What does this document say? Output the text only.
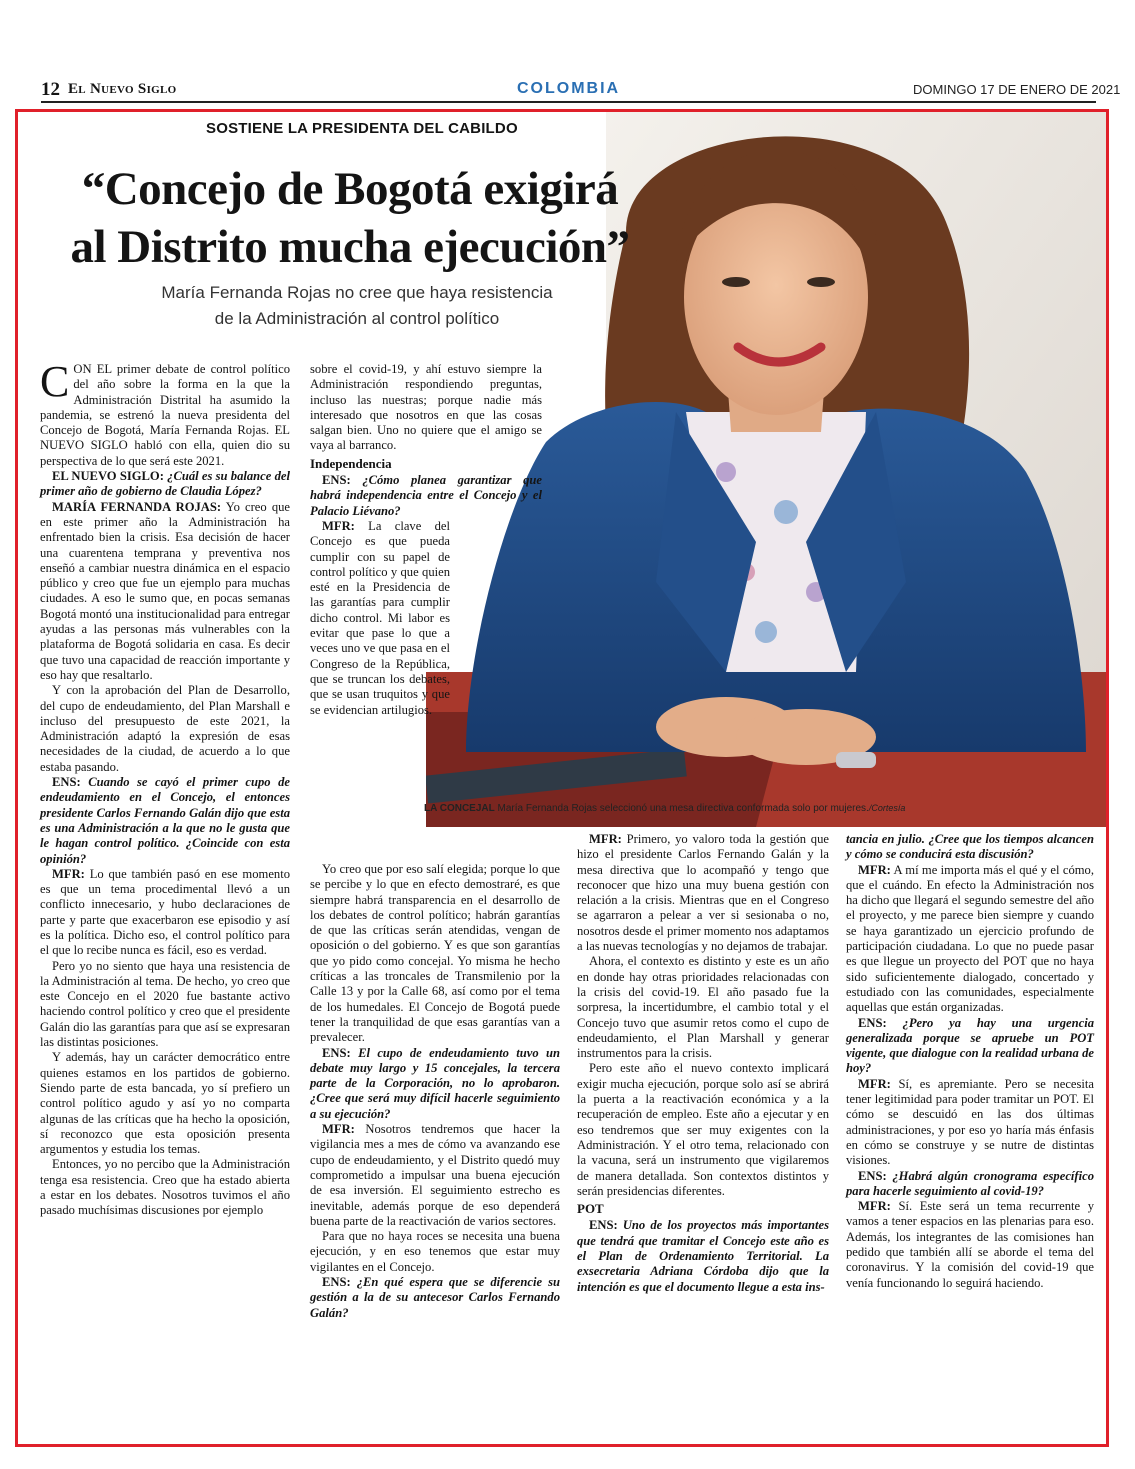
12 El Nuevo Siglo	COLOMBIA	DOMINGO 17 DE ENERO DE 2021
SOSTIENE LA PRESIDENTA DEL CABILDO
“Concejo de Bogotá exigirá
al Distrito mucha ejecución”
María Fernanda Rojas no cree que haya resistencia
de la Administración al control político
LA CONCEJAL María Fernanda Rojas seleccionó una mesa directiva conformada solo por mujeres./Cortesía

CON EL primer debate de control político del año sobre la forma en la que la Administración Distrital ha asumido la pandemia, se estrenó la nueva presidenta del Concejo de Bogotá, María Fernanda Rojas. EL NUEVO SIGLO habló con ella, quien dio su perspectiva de lo que será este 2021.

EL NUEVO SIGLO: ¿Cuál es su balance del primer año de gobierno de Claudia López?

MARÍA FERNANDA ROJAS: Yo creo que en este primer año la Administración ha enfrentado bien la crisis. Esa decisión de hacer una cuarentena temprana y preventiva nos enseñó a cambiar nuestra dinámica en el espacio público y creo que fue un ejemplo para muchas ciudades. A eso le sumo que, en pocas semanas Bogotá montó una institucionalidad para entregar ayudas a las personas más vulnerables con la plataforma de Bogotá solidaria en casa. Es decir que tuvo una capacidad de reacción importante y eso hay que resaltarlo.

Y con la aprobación del Plan de Desarrollo, del cupo de endeudamiento, del Plan Marshall e incluso del presupuesto de este 2021, la Administración adaptó la expresión de esas necesidades de la ciudad, de acuerdo a lo que estaba pasando.

ENS: Cuando se cayó el primer cupo de endeudamiento en el Concejo, el entonces presidente Carlos Fernando Galán dijo que esta es una Administración a la que no le gusta que le hagan control político. ¿Coincide con esta opinión?

MFR: Lo que también pasó en ese momento es que un tema procedimental llevó a un conflicto innecesario, y hubo declaraciones de parte y parte que exacerbaron ese episodio y así es la política. Dicho eso, el control político para el que lo recibe nunca es fácil, eso es verdad.

Pero yo no siento que haya una resistencia de la Administración al tema. De hecho, yo creo que este Concejo en el 2020 fue bastante activo haciendo control político y creo que el presidente Galán dio las garantías para que así se expresaran las distintas posiciones.

Y además, hay un carácter democrático entre quienes estamos en los partidos de gobierno. Siendo parte de esta bancada, yo sí prefiero un control político agudo y así yo no comparta algunas de las críticas que ha hecho la oposición, sí reconozco que esta oposición presenta argumentos y estudia los temas.

Entonces, yo no percibo que la Administración tenga esa resistencia. Creo que ha estado abierta a estar en los debates. Nosotros tuvimos el año pasado muchísimas discusiones por ejemplo

sobre el covid-19, y ahí estuvo siempre la Administración respondiendo preguntas, incluso las nuestras; porque nadie más interesado que nosotros en que las cosas salgan bien. Uno no quiere que el amigo se vaya al barranco.

Independencia

ENS: ¿Cómo planea garantizar que habrá independencia entre el Concejo y el Palacio Liévano?

MFR: La clave del Concejo es que pueda cumplir con su papel de control político y que quien esté en la Presidencia de las garantías para cumplir dicho control. Mi labor es evitar que pase lo que a veces uno ve que pasa en el Congreso de la República, que se truncan los debates, que se usan truquitos y que se evidencian artilugios.

Yo creo que por eso salí elegida; porque lo que se percibe y lo que en efecto demostraré, es que siempre habrá transparencia en el desarrollo de los debates de control político; habrán garantías de que las críticas serán atendidas, vengan de oposición o del gobierno. Y es que son garantías que yo pido como concejal. Yo misma he hecho críticas a las troncales de Transmilenio por la Calle 13 y por la Calle 68, así como por el tema de los humedales. El Concejo de Bogotá puede tener la tranquilidad de que esas garantías van a prevalecer.

ENS: El cupo de endeudamiento tuvo un debate muy largo y 15 concejales, la tercera parte de la Corporación, no lo aprobaron. ¿Cree que será muy difícil hacerle seguimiento a su ejecución?

MFR: Nosotros tendremos que hacer la vigilancia mes a mes de cómo va avanzando ese cupo de endeudamiento, y el Distrito quedó muy comprometido a impulsar una buena ejecución de esa inversión. El seguimiento estrecho es inevitable, además porque de eso dependerá buena parte de la reactivación de varios sectores.

Para que no haya roces se necesita una buena ejecución, y en eso tenemos que estar muy vigilantes en el Concejo.

ENS: ¿En qué espera que se diferencie su gestión a la de su antecesor Carlos Fernando Galán?

MFR: Primero, yo valoro toda la gestión que hizo el presidente Carlos Fernando Galán y la mesa directiva que lo acompañó y tengo que reconocer que hizo una muy buena gestión con relación a la crisis. Mientras que en el Congreso se agarraron a pelear a ver si sesionaba o no, nosotros desde el primer momento nos adaptamos a las nuevas tecnologías y no dejamos de trabajar.

Ahora, el contexto es distinto y este es un año en donde hay otras prioridades relacionadas con la crisis del covid-19. El año pasado fue la sorpresa, la incertidumbre, el cambio total y el Concejo tuvo que asumir retos como el cupo de endeudamiento, el Plan Marshall y generar instrumentos para la crisis.

Pero este año el nuevo contexto implicará exigir mucha ejecución, porque solo así se abrirá la puerta a la reactivación económica y a la recuperación de empleo. Este año a ejecutar y en eso tendremos que ser muy exigentes con la Administración. Y el otro tema, relacionado con la vacuna, será un instrumento que vigilaremos de manera detallada. Son contextos distintos y serán presidencias diferentes.

POT

ENS: Uno de los proyectos más importantes que tendrá que tramitar el Concejo este año es el Plan de Ordenamiento Territorial. La exsecretaria Adriana Córdoba dijo que la intención es que el documento llegue a esta ins-

tancia en julio. ¿Cree que los tiempos alcancen y cómo se conducirá esta discusión?

MFR: A mí me importa más el qué y el cómo, que el cuándo. En efecto la Administración nos ha dicho que llegará el segundo semestre del año el proyecto, y me parece bien siempre y cuando se haya garantizado un ejercicio profundo de participación ciudadana. Lo que no puede pasar es que llegue un proyecto del POT que no haya sido suficientemente dialogado, concertado y estudiado con las comunidades, especialmente aquellas que están organizadas.

ENS: ¿Pero ya hay una urgencia generalizada porque se apruebe un POT vigente, que dialogue con la realidad urbana de hoy?

MFR: Sí, es apremiante. Pero se necesita tener legitimidad para poder tramitar un POT. El cómo se descuidó en las dos últimas administraciones, y por eso yo haría más énfasis en cómo se construye y se nutre de distintas visiones.

ENS: ¿Habrá algún cronograma específico para hacerle seguimiento al covid-19?

MFR: Sí. Este será un tema recurrente y vamos a tener espacios en las plenarias para eso. Además, los integrantes de las comisiones han pedido que también allí se aborde el tema del coronavirus. Y la comisión del covid-19 que venía funcionando lo seguirá haciendo.
